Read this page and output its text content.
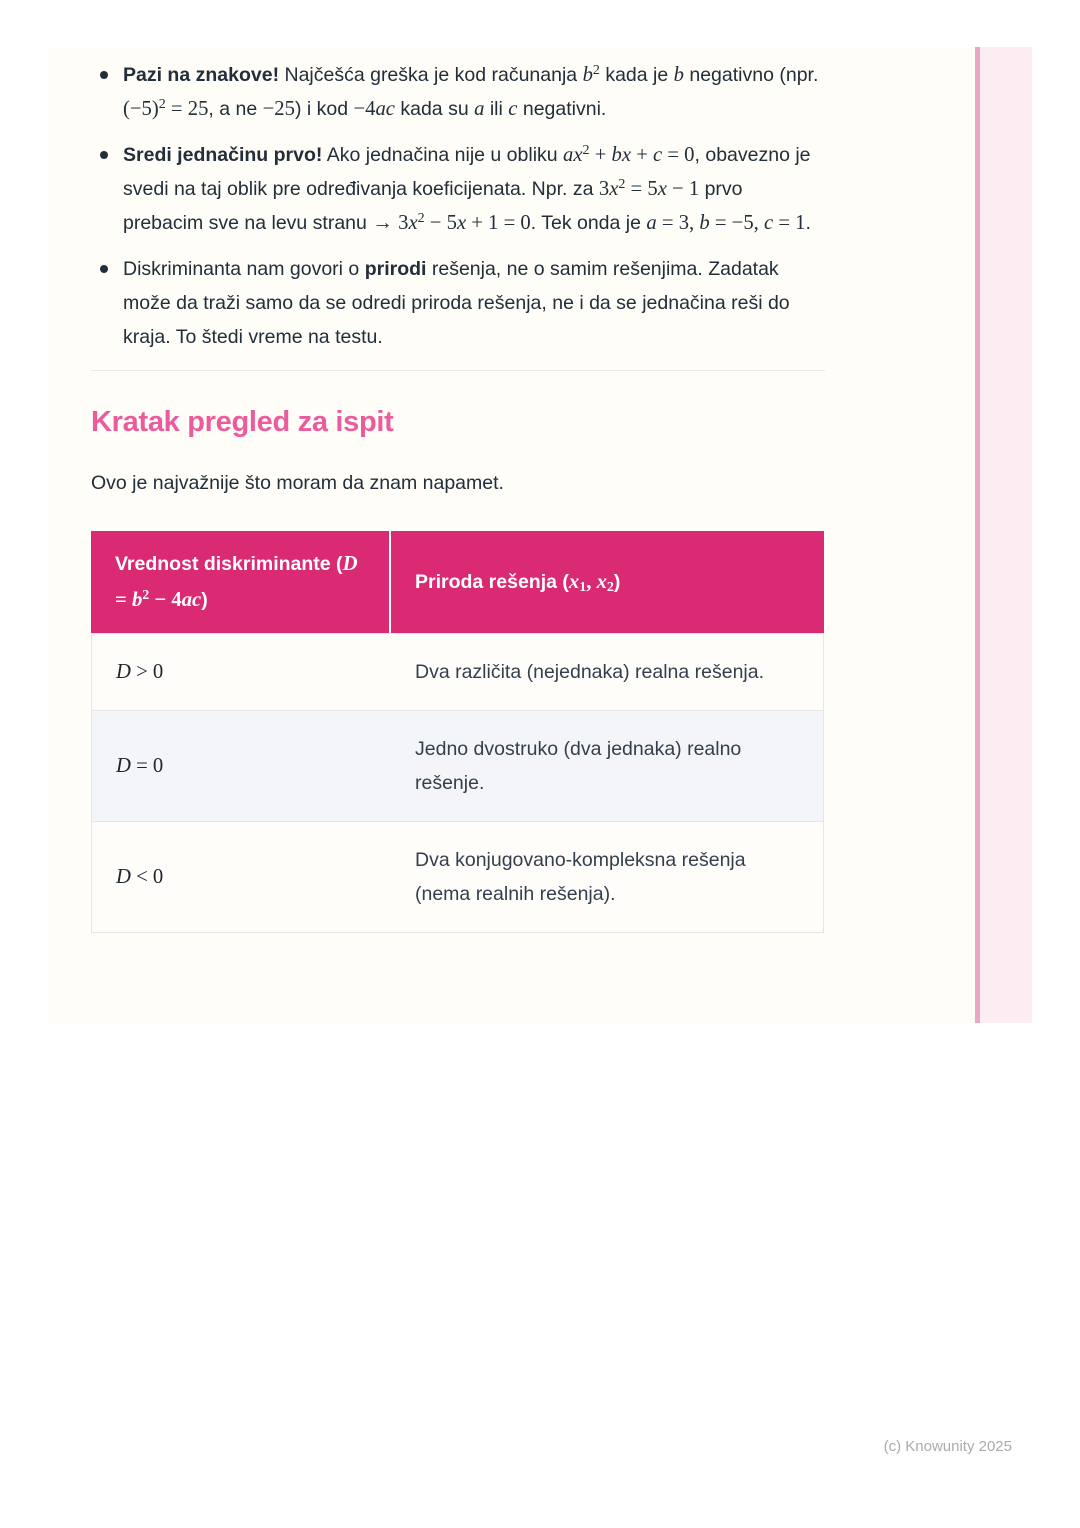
Pazi na znakove! Najčešća greška je kod računanja $b^2$ kada je b negativno (npr. $(-5)^2 = 25$, a ne −25) i kod −4ac kada su a ili c negativni.
Sredi jednačinu prvo! Ako jednačina nije u obliku $ax^2$ + bx + c = 0, obavezno je svedi na taj oblik pre određivanja koeficijenata. Npr. za $3x^2 = 5x - 1$ prvo prebacim sve na levu stranu → $3x^2 - 5x + 1 = 0$. Tek onda je a = 3, b = −5, c = 1.
Diskriminanta nam govori o prirodi rešenja, ne o samim rešenjima. Zadatak može da traži samo da se odredi priroda rešenja, ne i da se jednačina reši do kraja. To štedi vreme na testu.
Kratak pregled za ispit

Ovo je najvažnije što moram da znam napamet.

Vrednost diskriminante $(D = b^2 - 4ac)$	Priroda rešenja (x1, x2)
D > 0	Dva različita (nejednaka) realna rešenja.
D = 0	Jedno dvostruko (dva jednaka) realno rešenje.
D < 0	Dva konjugovano-kompleksna rešenja (nema realnih rešenja).
(c) Knowunity 2025
